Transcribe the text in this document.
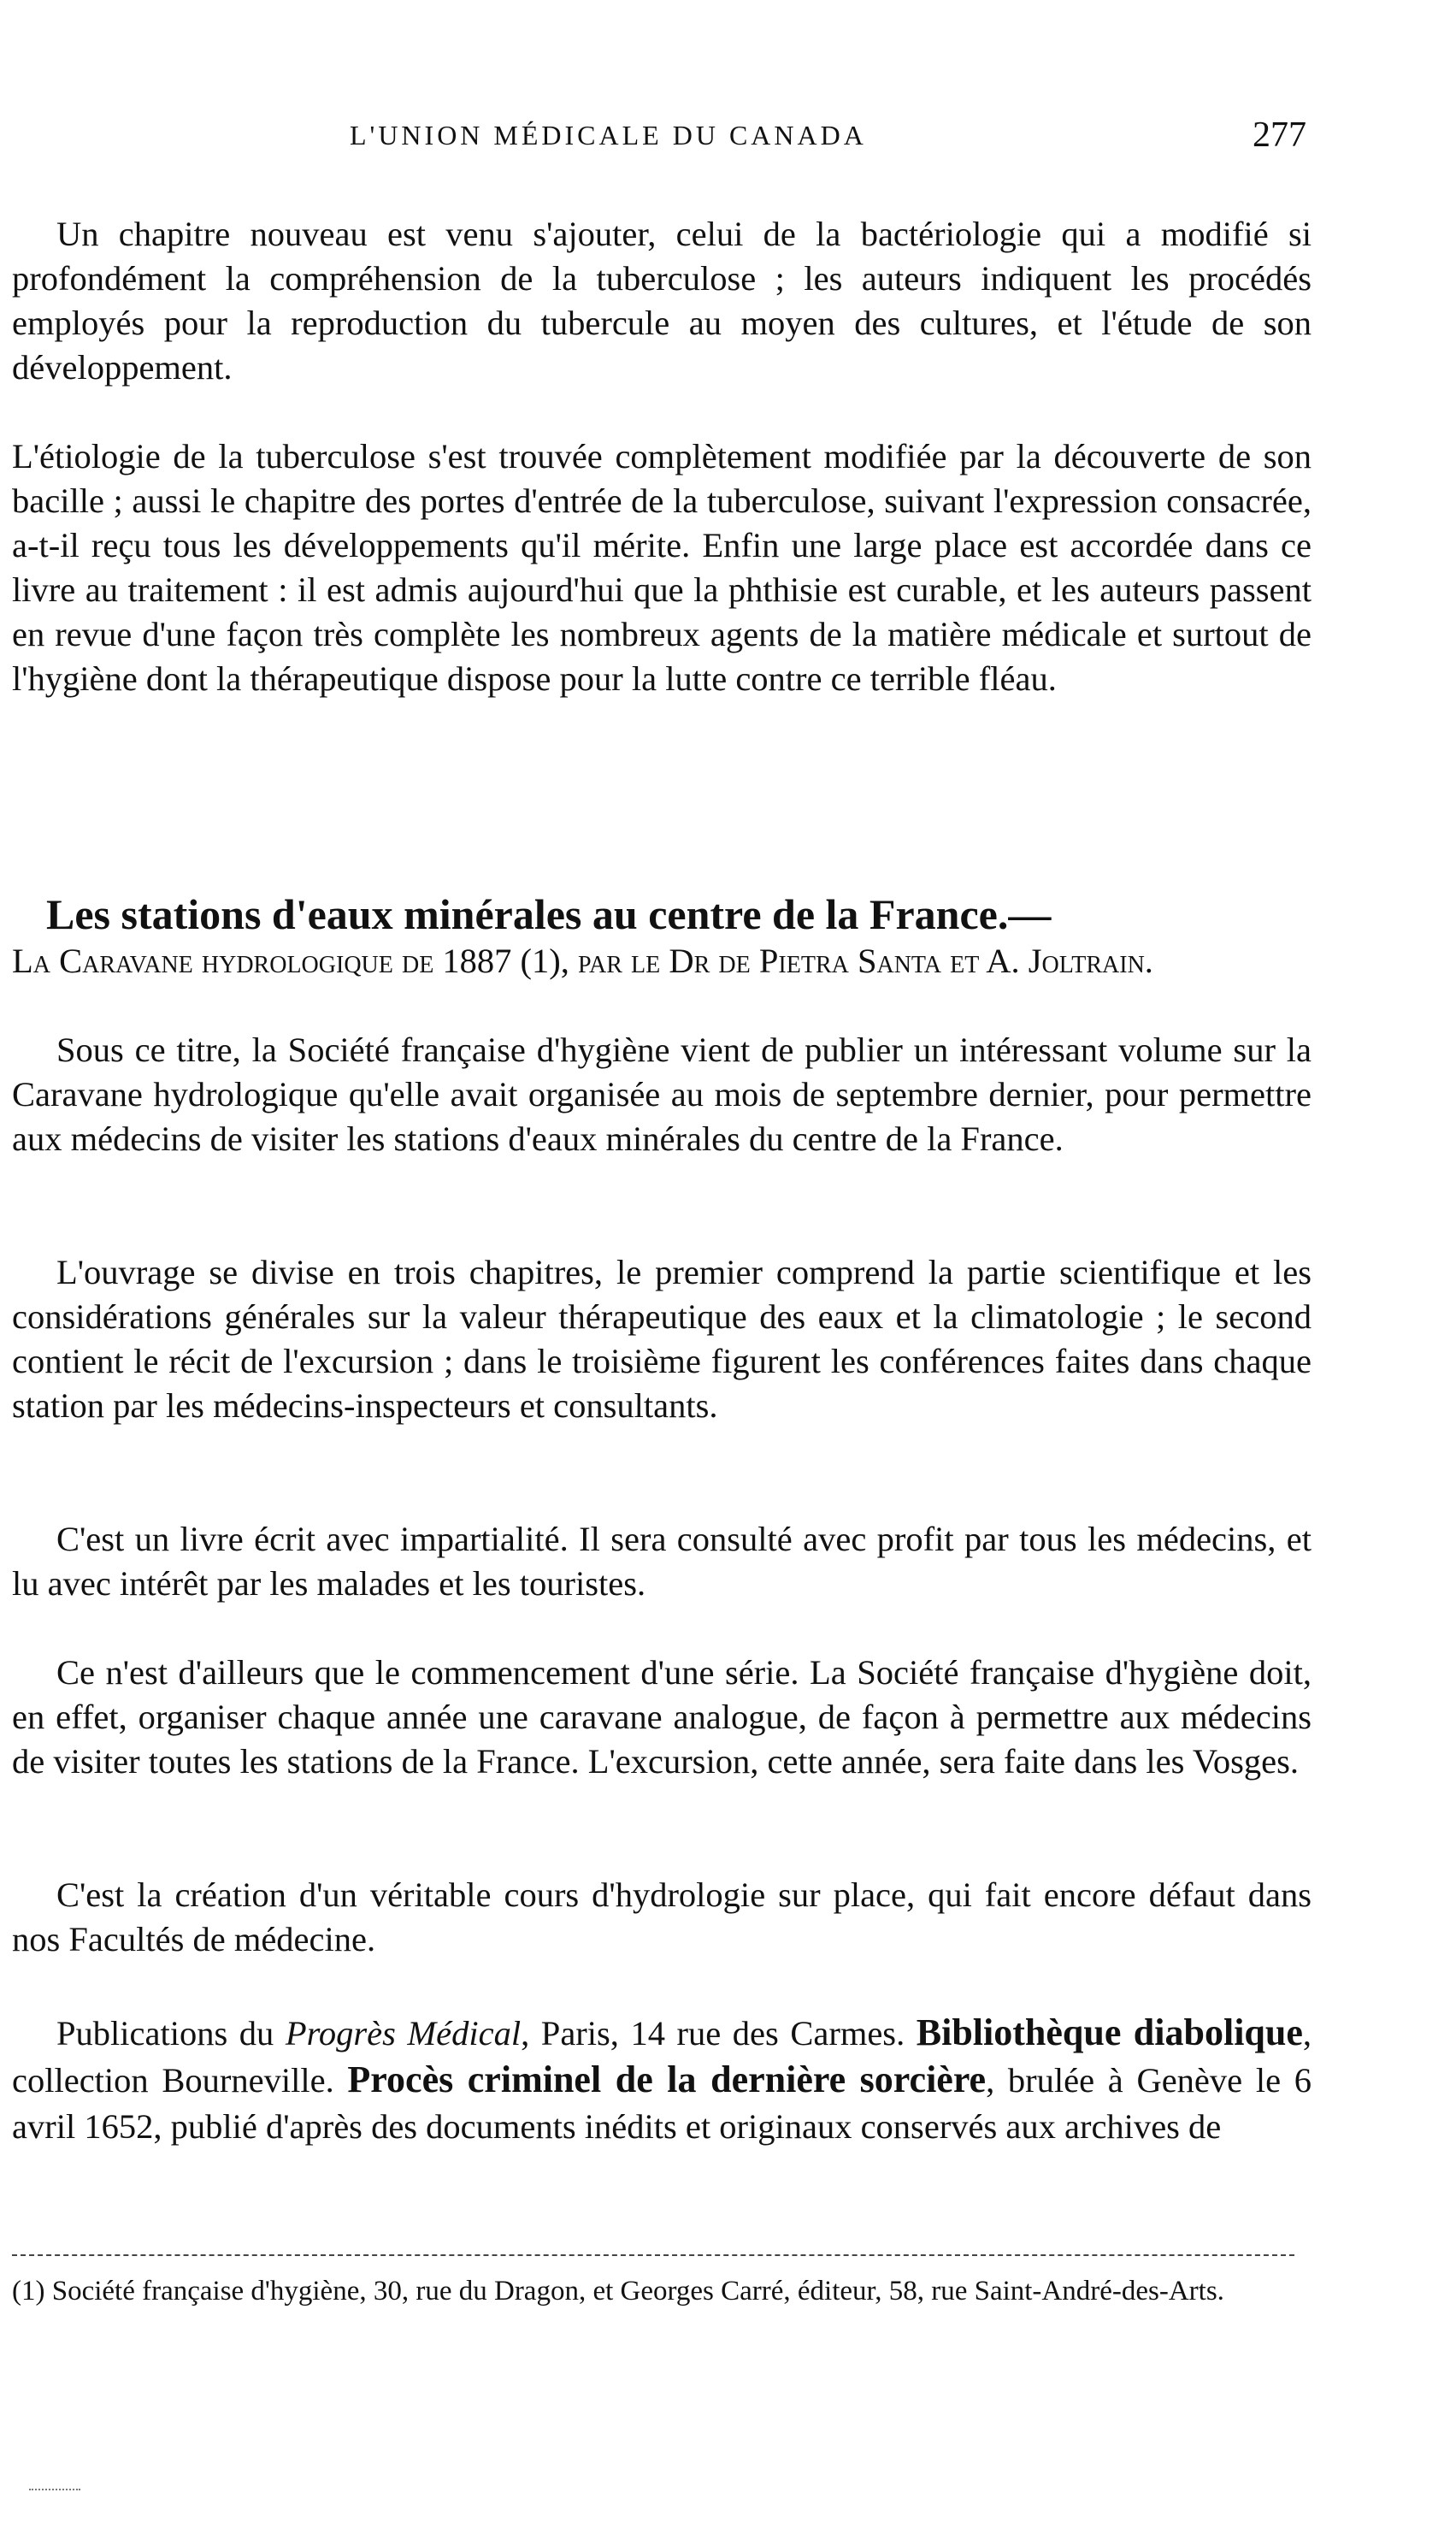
L'UNION MÉDICALE DU CANADA	277

Un chapitre nouveau est venu s'ajouter, celui de la bactériologie qui a modifié si profondément la compréhension de la tuberculose ; les auteurs indiquent les procédés employés pour la reproduction du tubercule au moyen des cultures, et l'étude de son développement.

L'étiologie de la tuberculose s'est trouvée complètement modifiée par la découverte de son bacille ; aussi le chapitre des portes d'entrée de la tuberculose, suivant l'expression consacrée, a-t-il reçu tous les développements qu'il mérite. Enfin une large place est accordée dans ce livre au traitement : il est admis aujourd'hui que la phthisie est curable, et les auteurs passent en revue d'une façon très complète les nombreux agents de la matière médicale et surtout de l'hygiène dont la thérapeutique dispose pour la lutte contre ce terrible fléau.

Les stations d'eaux minérales au centre de la France.—

La Caravane hydrologique de 1887 (1), par le Dr de Pietra Santa et A. Joltrain.

Sous ce titre, la Société française d'hygiène vient de publier un intéressant volume sur la Caravane hydrologique qu'elle avait organisée au mois de septembre dernier, pour permettre aux médecins de visiter les stations d'eaux minérales du centre de la France.

L'ouvrage se divise en trois chapitres, le premier comprend la partie scientifique et les considérations générales sur la valeur thérapeutique des eaux et la climatologie ; le second contient le récit de l'excursion ; dans le troisième figurent les conférences faites dans chaque station par les médecins-inspecteurs et consultants.

C'est un livre écrit avec impartialité. Il sera consulté avec profit par tous les médecins, et lu avec intérêt par les malades et les touristes.

Ce n'est d'ailleurs que le commencement d'une série. La Société française d'hygiène doit, en effet, organiser chaque année une caravane analogue, de façon à permettre aux médecins de visiter toutes les stations de la France. L'excursion, cette année, sera faite dans les Vosges.

C'est la création d'un véritable cours d'hydrologie sur place, qui fait encore défaut dans nos Facultés de médecine.

Publications du Progrès Médical, Paris, 14 rue des Carmes. Bibliothèque diabolique, collection Bourneville. Procès criminel de la dernière sorcière, brulée à Genève le 6 avril 1652, publié d'après des documents inédits et originaux conservés aux archives de

(1) Société française d'hygiène, 30, rue du Dragon, et Georges Carré, éditeur, 58, rue Saint-André-des-Arts.
